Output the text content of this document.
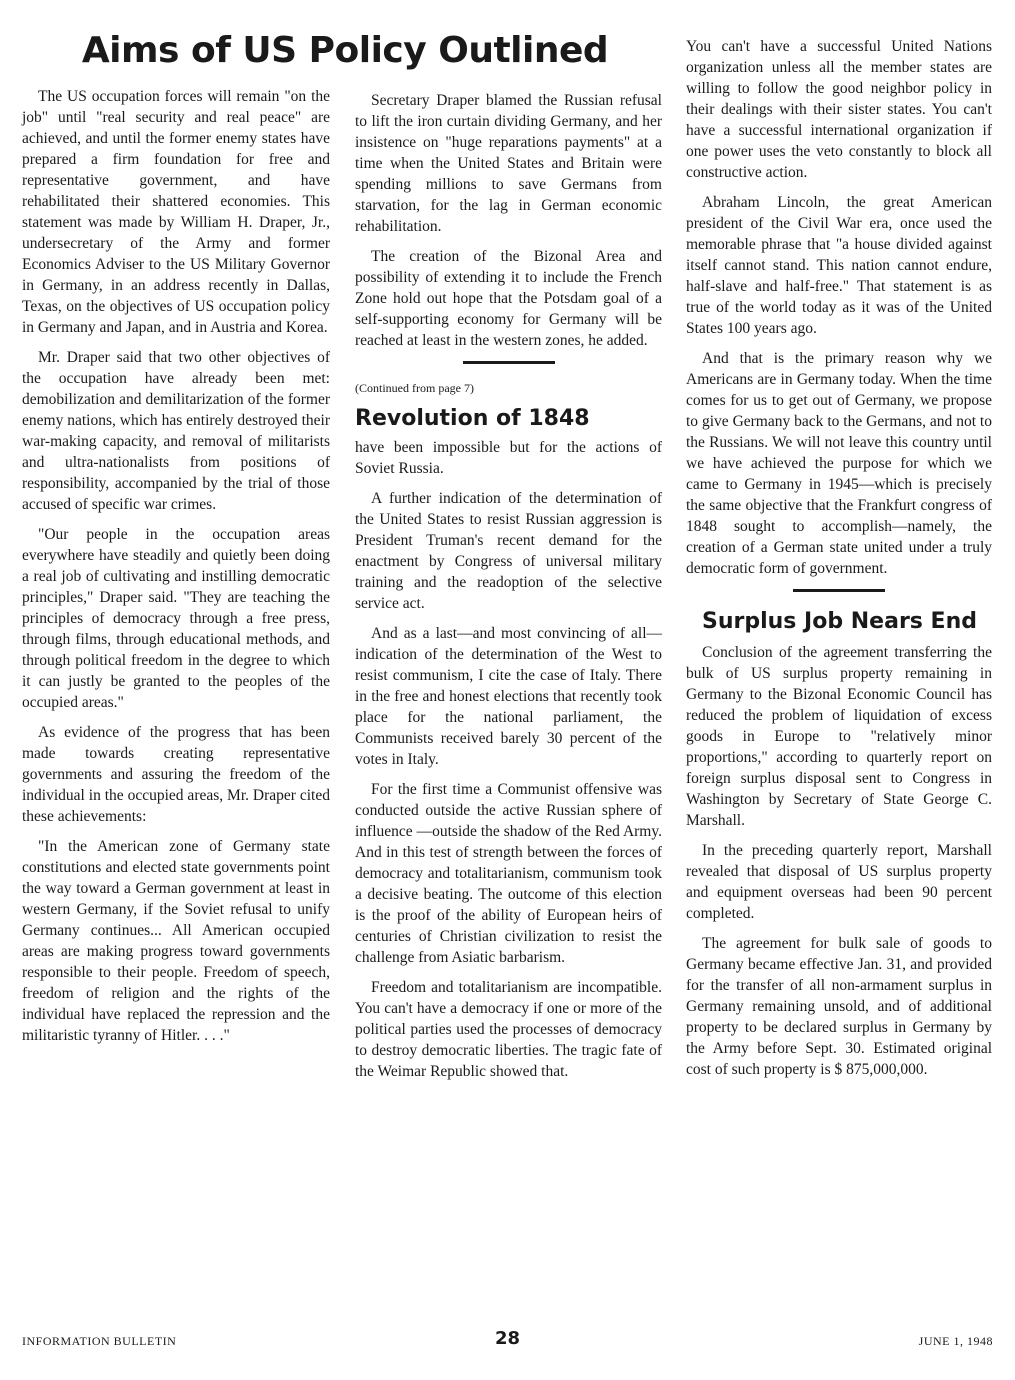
Aims of US Policy Outlined

The US occupation forces will remain "on the job" until "real security and real peace" are achieved, and until the former enemy states have prepared a firm foundation for free and representative government, and have rehabilitated their shattered economies. This statement was made by William H. Draper, Jr., undersecretary of the Army and former Economics Adviser to the US Military Governor in Germany, in an address recently in Dallas, Texas, on the objectives of US occupation policy in Germany and Japan, and in Austria and Korea.

Mr. Draper said that two other objectives of the occupation have already been met: demobilization and demilitarization of the former enemy nations, which has entirely destroyed their war-making capacity, and removal of militarists and ultra-nationalists from positions of responsibility, accompanied by the trial of those accused of specific war crimes.

"Our people in the occupation areas everywhere have steadily and quietly been doing a real job of cultivating and instilling democratic principles," Draper said. "They are teaching the principles of democracy through a free press, through films, through educational methods, and through political freedom in the degree to which it can justly be granted to the peoples of the occupied areas."

As evidence of the progress that has been made towards creating representative governments and assuring the freedom of the individual in the occupied areas, Mr. Draper cited these achievements:

"In the American zone of Germany state constitutions and elected state governments point the way toward a German government at least in western Germany, if the Soviet refusal to unify Germany continues... All American occupied areas are making progress toward governments responsible to their people. Freedom of speech, freedom of religion and the rights of the individual have replaced the repression and the militaristic tyranny of Hitler. . . ."

Secretary Draper blamed the Russian refusal to lift the iron curtain dividing Germany, and her insistence on "huge reparations payments" at a time when the United States and Britain were spending millions to save Germans from starvation, for the lag in German economic rehabilitation.

The creation of the Bizonal Area and possibility of extending it to include the French Zone hold out hope that the Potsdam goal of a self-supporting economy for Germany will be reached at least in the western zones, he added.

(Continued from page 7)

Revolution of 1848

have been impossible but for the actions of Soviet Russia.

A further indication of the determination of the United States to resist Russian aggression is President Truman's recent demand for the enactment by Congress of universal military training and the readoption of the selective service act.

And as a last—and most convincing of all—indication of the determination of the West to resist communism, I cite the case of Italy. There in the free and honest elections that recently took place for the national parliament, the Communists received barely 30 percent of the votes in Italy.

For the first time a Communist offensive was conducted outside the active Russian sphere of influence —outside the shadow of the Red Army. And in this test of strength between the forces of democracy and totalitarianism, communism took a decisive beating. The outcome of this election is the proof of the ability of European heirs of centuries of Christian civilization to resist the challenge from Asiatic barbarism.

Freedom and totalitarianism are incompatible. You can't have a democracy if one or more of the political parties used the processes of democracy to destroy democratic liberties. The tragic fate of the Weimar Republic showed that.

You can't have a successful United Nations organization unless all the member states are willing to follow the good neighbor policy in their dealings with their sister states. You can't have a successful international organization if one power uses the veto constantly to block all constructive action.

Abraham Lincoln, the great American president of the Civil War era, once used the memorable phrase that "a house divided against itself cannot stand. This nation cannot endure, half-slave and half-free." That statement is as true of the world today as it was of the United States 100 years ago.

And that is the primary reason why we Americans are in Germany today. When the time comes for us to get out of Germany, we propose to give Germany back to the Germans, and not to the Russians. We will not leave this country until we have achieved the purpose for which we came to Germany in 1945—which is precisely the same objective that the Frankfurt congress of 1848 sought to accomplish—namely, the creation of a German state united under a truly democratic form of government.

Surplus Job Nears End

Conclusion of the agreement transferring the bulk of US surplus property remaining in Germany to the Bizonal Economic Council has reduced the problem of liquidation of excess goods in Europe to "relatively minor proportions," according to quarterly report on foreign surplus disposal sent to Congress in Washington by Secretary of State George C. Marshall.

In the preceding quarterly report, Marshall revealed that disposal of US surplus property and equipment overseas had been 90 percent completed.

The agreement for bulk sale of goods to Germany became effective Jan. 31, and provided for the transfer of all non-armament surplus in Germany remaining unsold, and of additional property to be declared surplus in Germany by the Army before Sept. 30. Estimated original cost of such property is $ 875,000,000.

INFORMATION BULLETIN	28	JUNE 1, 1948
